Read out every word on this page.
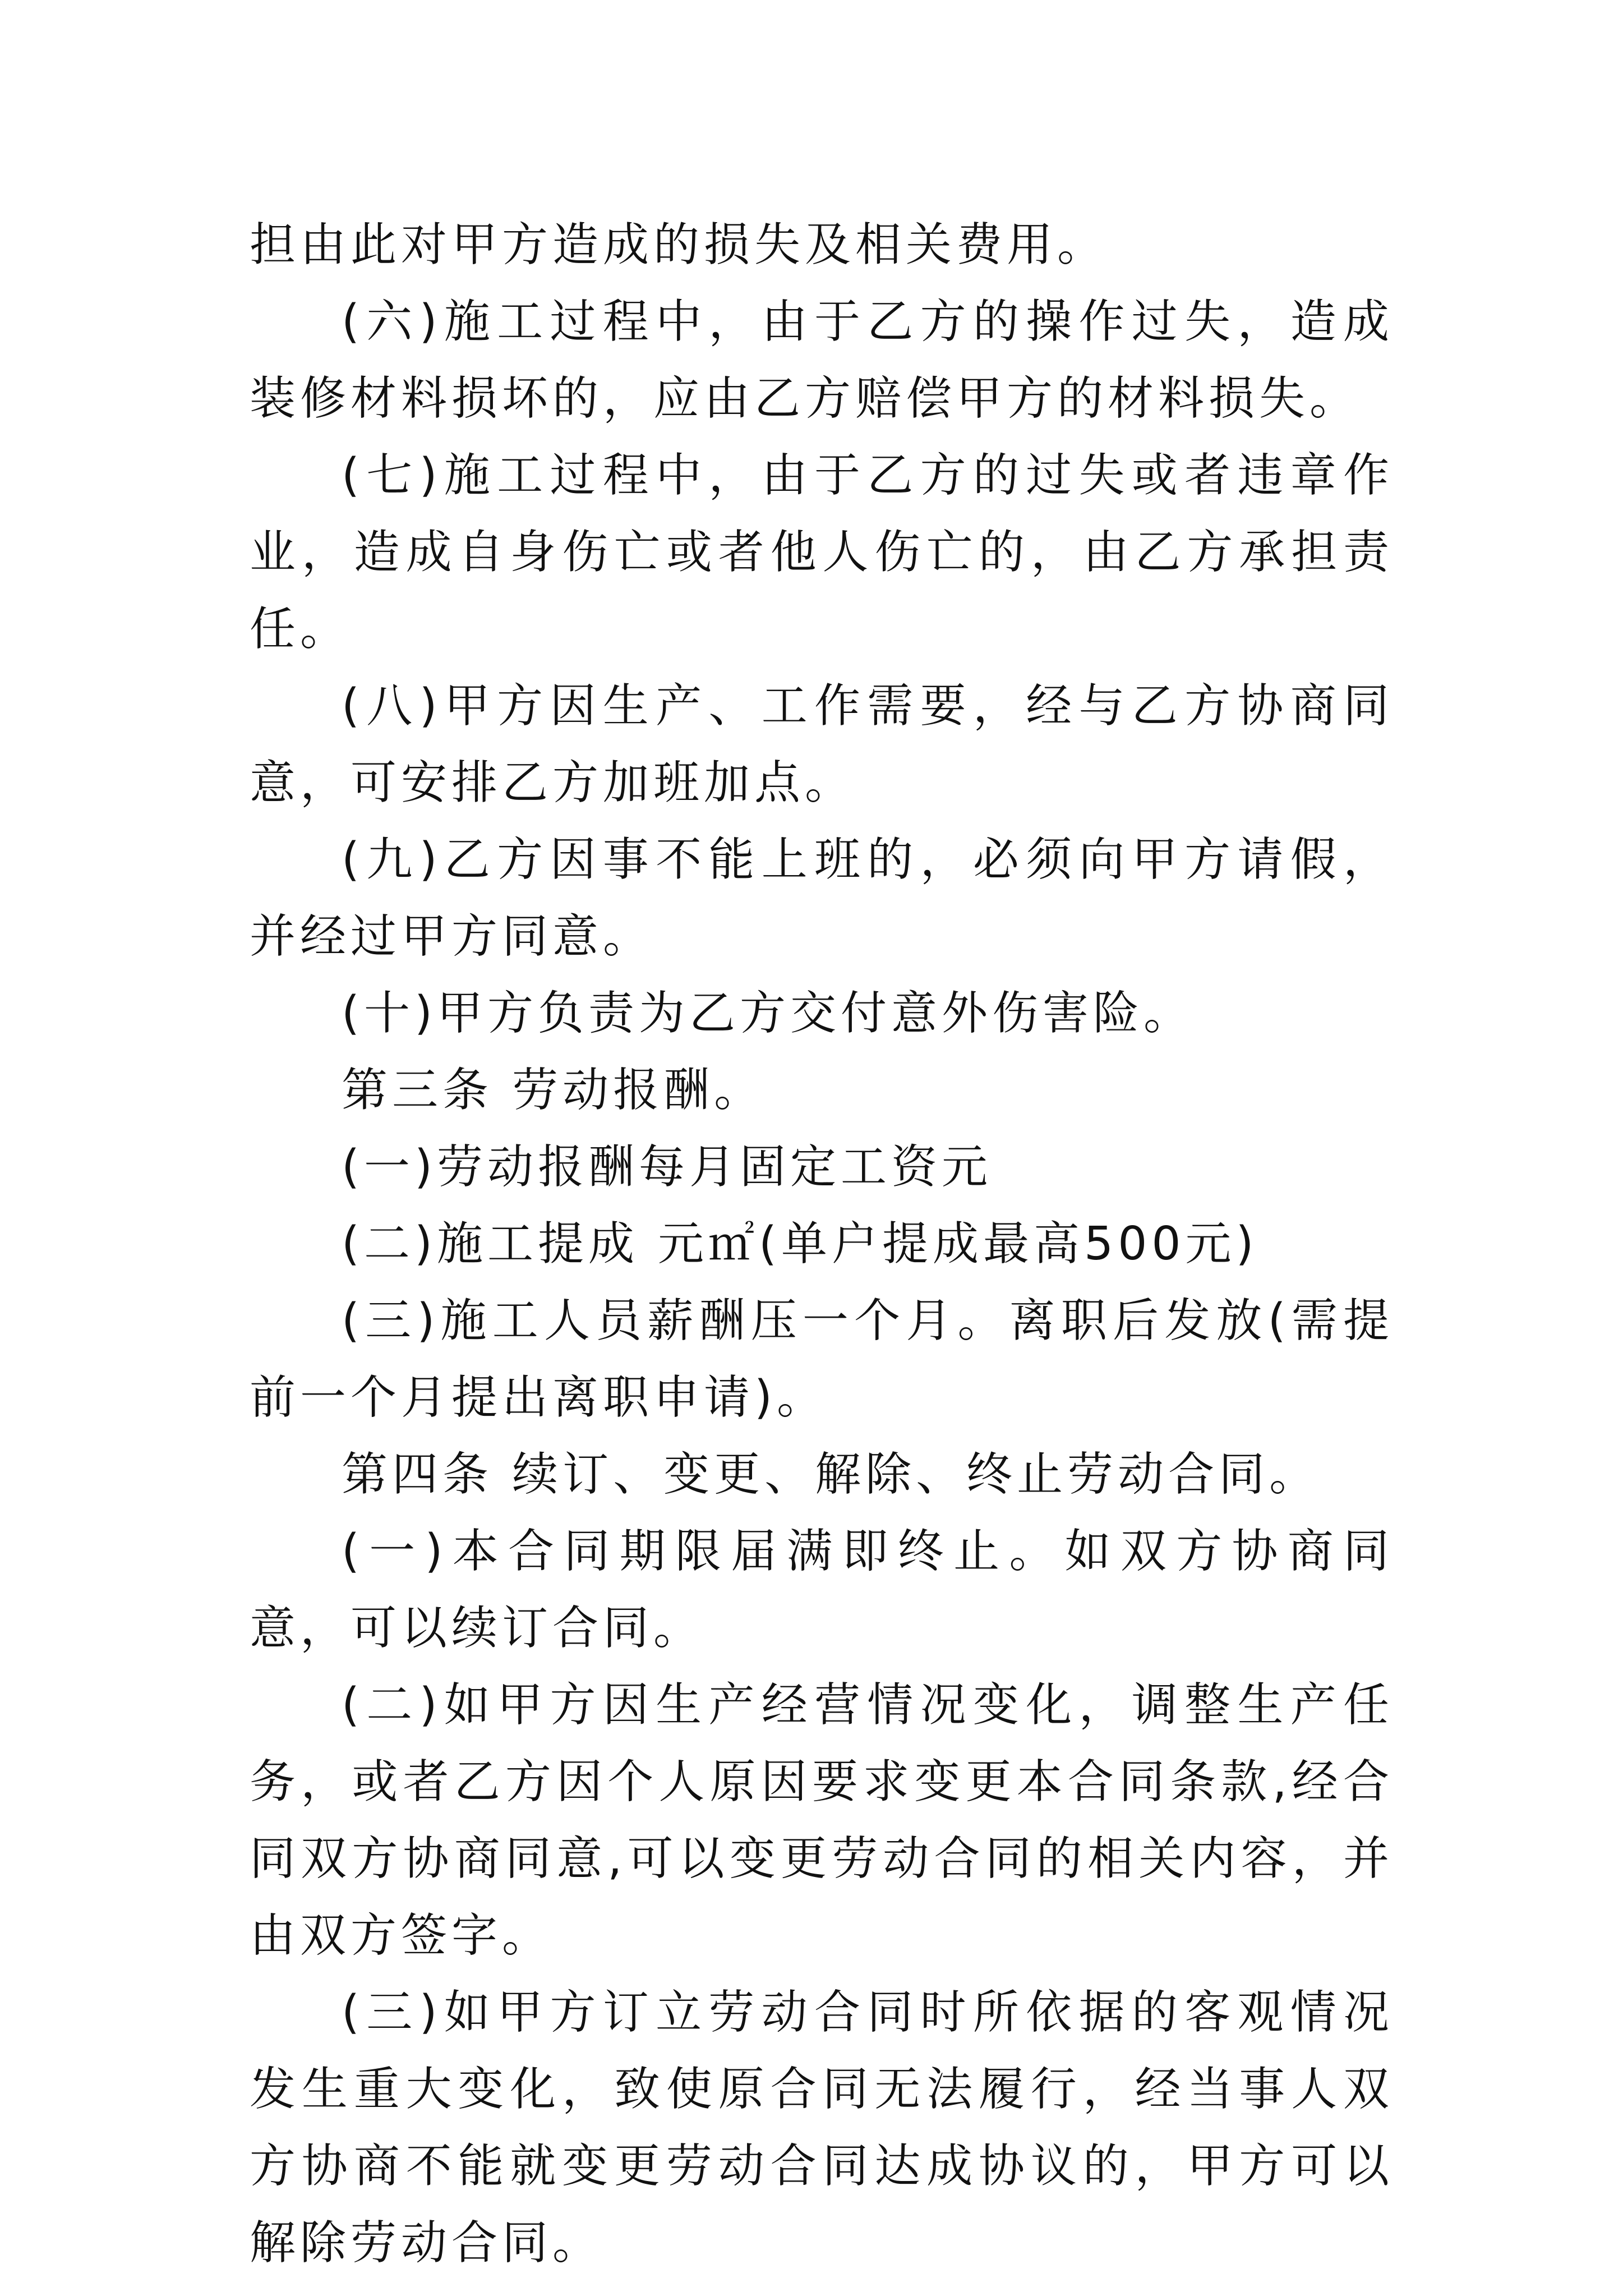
担由此对甲方造成的损失及相关费用。

(六)施工过程中，由于乙方的操作过失，造成装修材料损坏的，应由乙方赔偿甲方的材料损失。

(七)施工过程中，由于乙方的过失或者违章作业，造成自身伤亡或者他人伤亡的，由乙方承担责任。

(八)甲方因生产、工作需要，经与乙方协商同意，可安排乙方加班加点。

(九)乙方因事不能上班的，必须向甲方请假，并经过甲方同意。

(十)甲方负责为乙方交付意外伤害险。

第三条 劳动报酬。

(一)劳动报酬每月固定工资元

(二)施工提成 元㎡(单户提成最高500元)

(三)施工人员薪酬压一个月。离职后发放(需提前一个月提出离职申请)。

第四条 续订、变更、解除、终止劳动合同。

(一)本合同期限届满即终止。如双方协商同意，可以续订合同。

(二)如甲方因生产经营情况变化，调整生产任务，或者乙方因个人原因要求变更本合同条款,经合同双方协商同意,可以变更劳动合同的相关内容，并由双方签字。

(三)如甲方订立劳动合同时所依据的客观情况发生重大变化，致使原合同无法履行，经当事人双方协商不能就变更劳动合同达成协议的，甲方可以解除劳动合同。
